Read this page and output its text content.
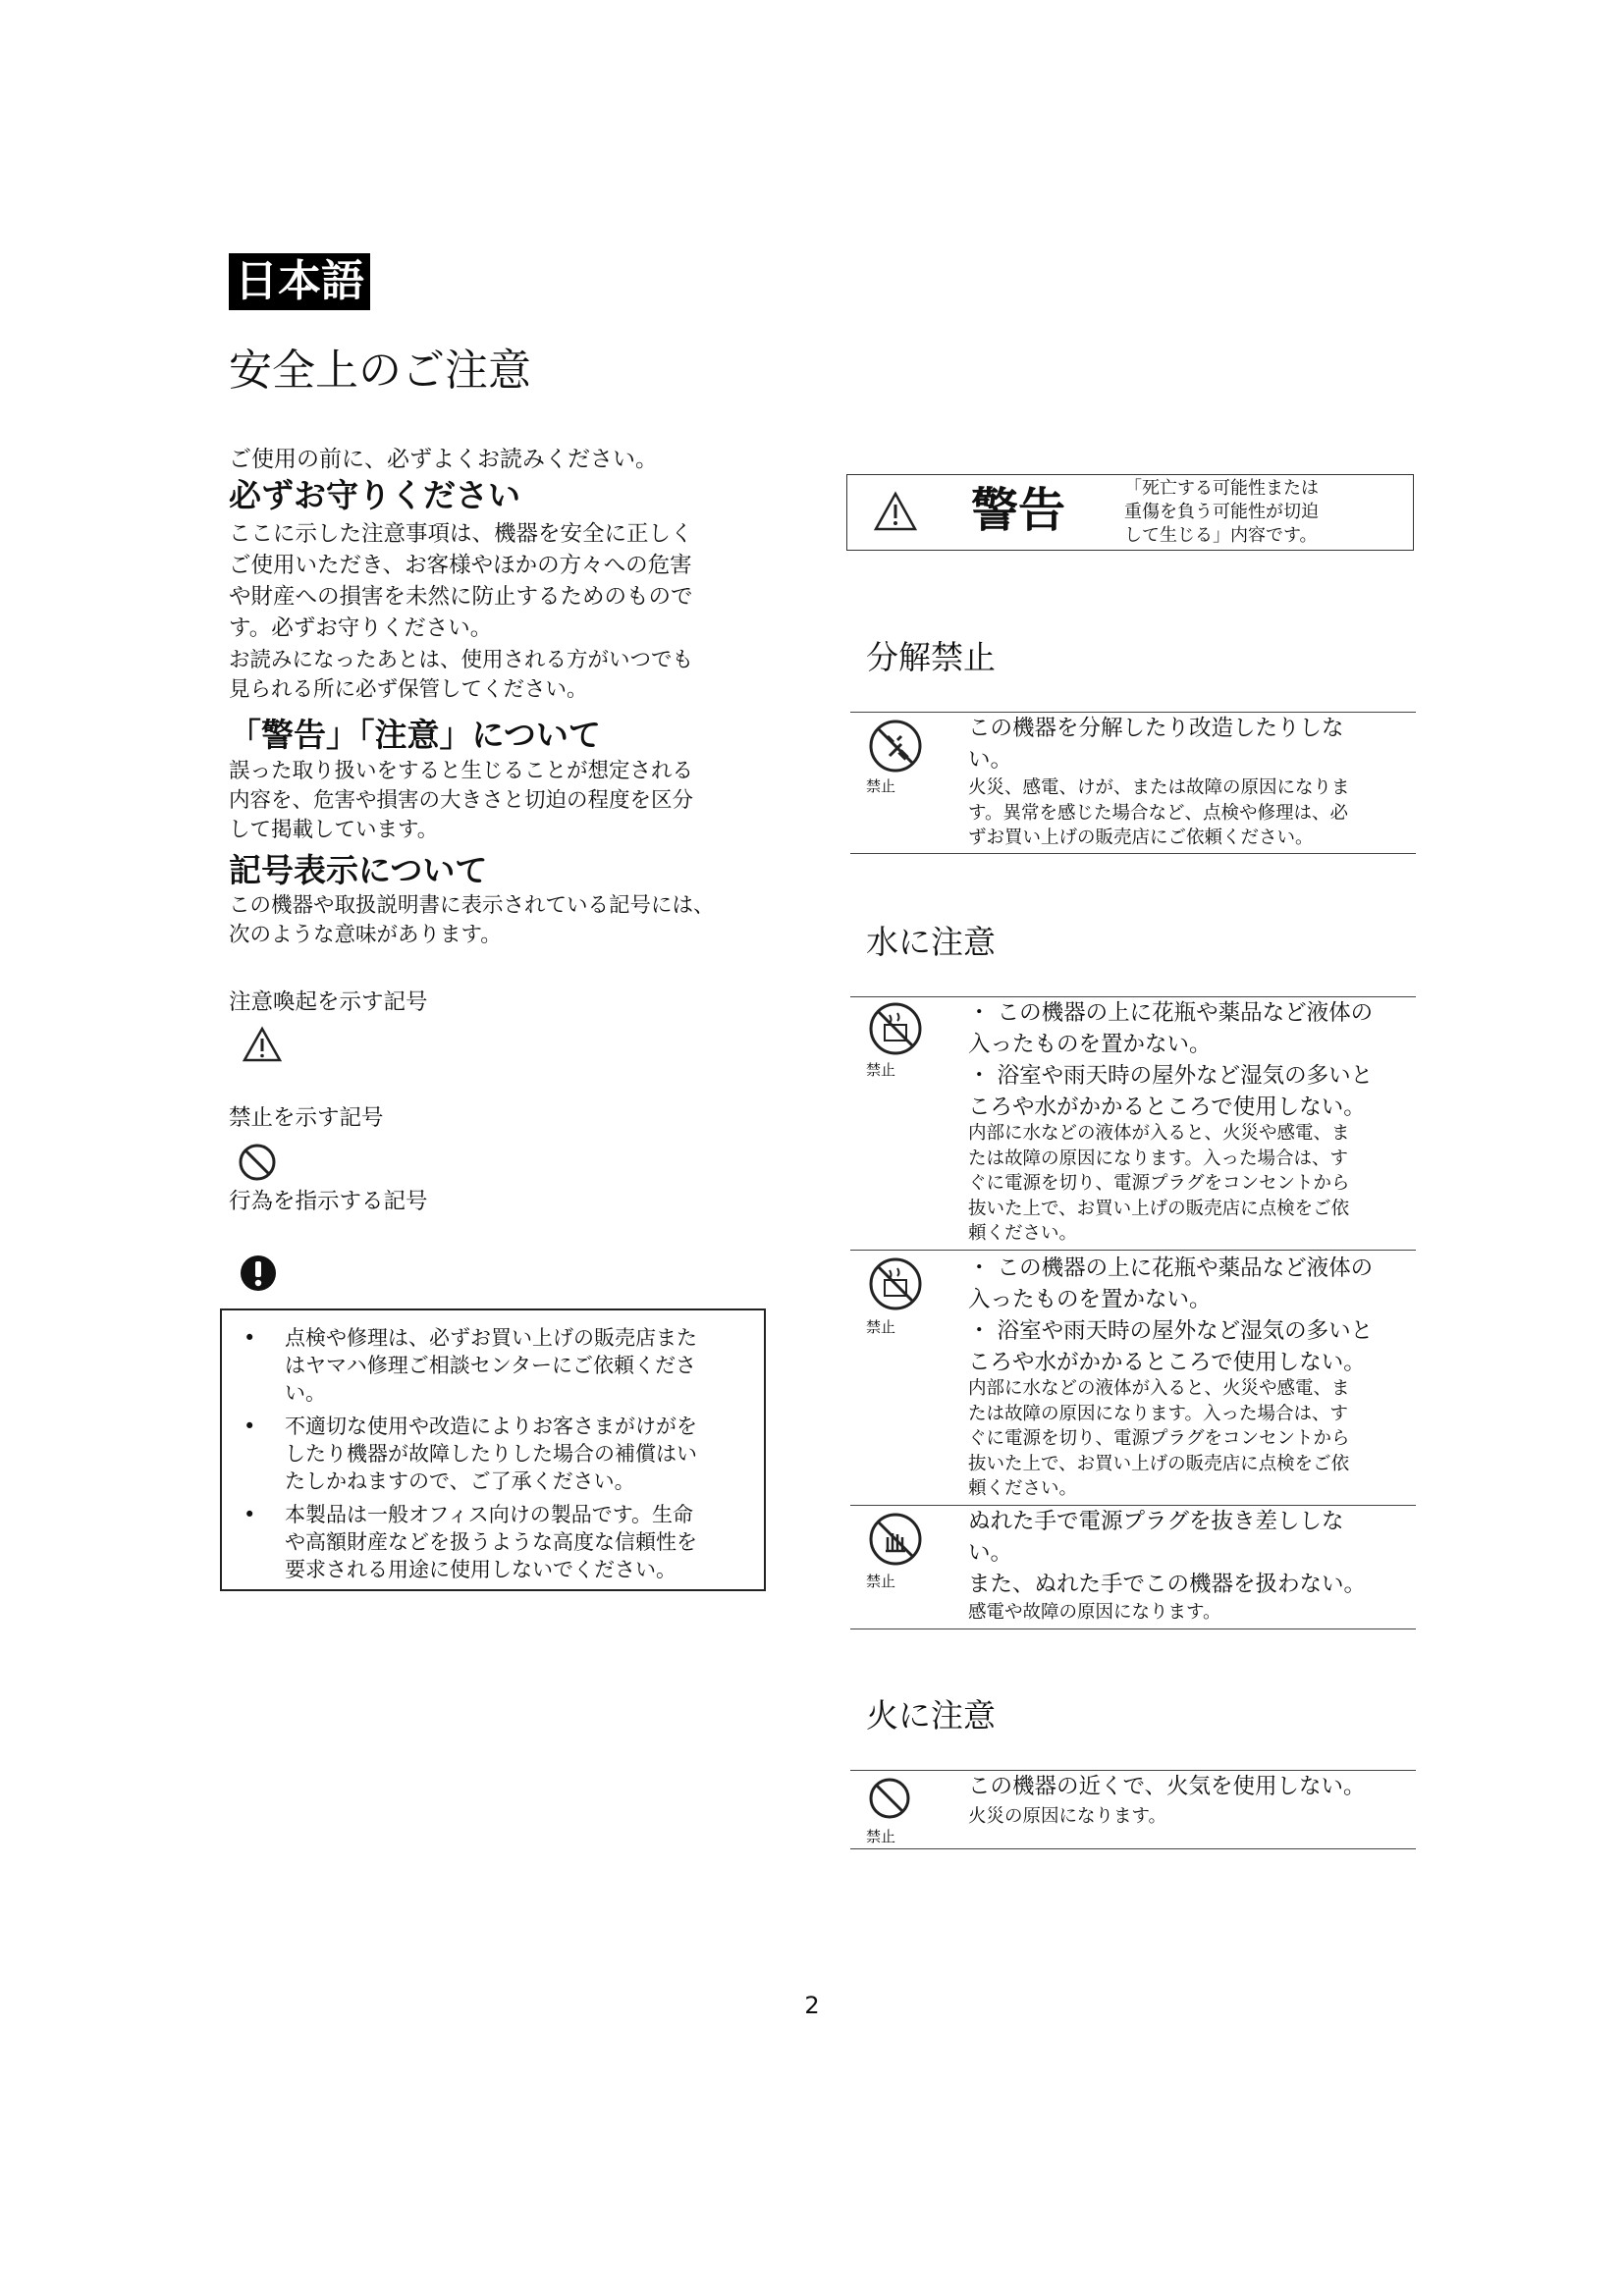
日本語
安全上のご注意
ご使用の前に、必ずよくお読みください。
必ずお守りください

ここに示した注意事項は、機器を安全に正しく
ご使用いただき、お客様やほかの方々への危害
や財産への損害を未然に防止するためのもので
す。必ずお守りください。

お読みになったあとは、使用される方がいつでも
見られる所に必ず保管してください。

「警告」「注意」について

誤った取り扱いをすると生じることが想定される
内容を、危害や損害の大きさと切迫の程度を区分
して掲載しています。

記号表示について

この機器や取扱説明書に表示されている記号には、
次のような意味があります。

注意喚起を示す記号
禁止を示す記号
行為を指示する記号
• 点検や修理は、必ずお買い上げの販売店また
はヤマハ修理ご相談センターにご依頼くださ
い。
• 不適切な使用や改造によりお客さまがけがを
したり機器が故障したりした場合の補償はい
たしかねますので、ご了承ください。
• 本製品は一般オフィス向けの製品です。生命
や高額財産などを扱うような高度な信頼性を
要求される用途に使用しないでください。
警告	「死亡する可能性または
重傷を負う可能性が切迫
して生じる」内容です。
分解禁止
禁止
この機器を分解したり改造したりしな
い。
火災、感電、けが、または故障の原因になりま
す。異常を感じた場合など、点検や修理は、必
ずお買い上げの販売店にご依頼ください。
水に注意
禁止
・ この機器の上に花瓶や薬品など液体の
入ったものを置かない。
・ 浴室や雨天時の屋外など湿気の多いと
ころや水がかかるところで使用しない。
内部に水などの液体が入ると、火災や感電、ま
たは故障の原因になります。入った場合は、す
ぐに電源を切り、電源プラグをコンセントから
抜いた上で、お買い上げの販売店に点検をご依
頼ください。
禁止
・ この機器の上に花瓶や薬品など液体の
入ったものを置かない。
・ 浴室や雨天時の屋外など湿気の多いと
ころや水がかかるところで使用しない。
内部に水などの液体が入ると、火災や感電、ま
たは故障の原因になります。入った場合は、す
ぐに電源を切り、電源プラグをコンセントから
抜いた上で、お買い上げの販売店に点検をご依
頼ください。
禁止
ぬれた手で電源プラグを抜き差ししな
い。
また、ぬれた手でこの機器を扱わない。
感電や故障の原因になります。
火に注意
禁止
この機器の近くで、火気を使用しない。
火災の原因になります。
2
